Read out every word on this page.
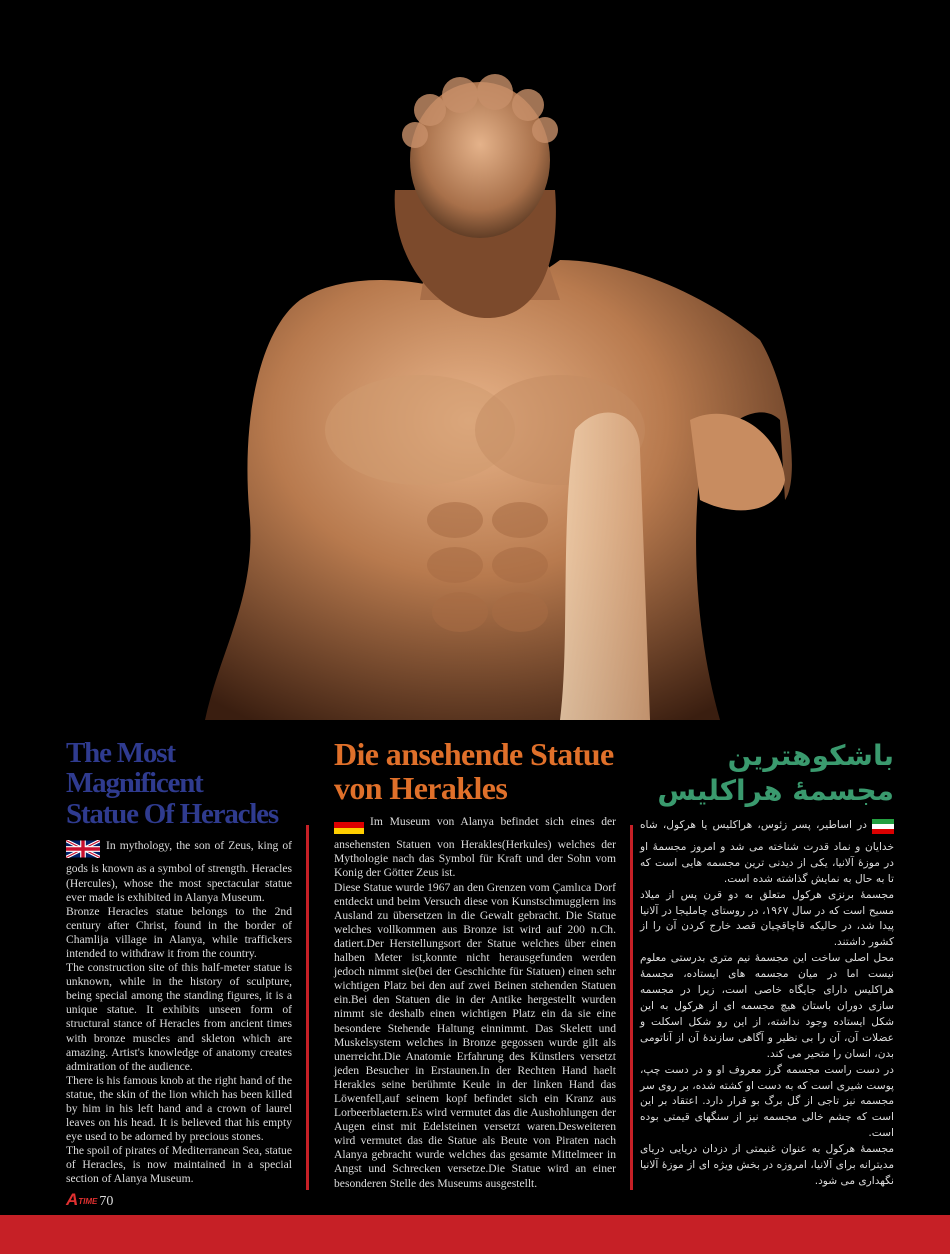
The Most Magnificent
Statue Of Heracles

In mythology, the son of Zeus, king of gods is known as a symbol of strength. Heracles (Hercules), whose the most spectacular statue ever made is exhibited in Alanya Museum.

Bronze Heracles statue belongs to the 2nd century after Christ, found in the border of Chamlija village in Alanya, while traffickers intended to withdraw it from the country.

The construction site of this half-meter statue is unknown, while in the history of sculpture, being special among the standing figures, it is a unique statue. It exhibits unseen form of structural stance of Heracles from ancient times with bronze muscles and skleton which are amazing. Artist's knowledge of anatomy creates admiration of the audience.

There is his famous knob at the right hand of the statue, the skin of the lion which has been killed by him in his left hand and a crown of laurel leaves on his head. It is believed that his empty eye used to be adorned by precious stones.

The spoil of pirates of Mediterranean Sea, statue of Heracles, is now maintained in a special section of Alanya Museum.

Die ansehende Statue
von Herakles

Im Museum von Alanya befindet sich eines der ansehensten Statuen von Herakles(Herkules) welches der Mythologie nach das Symbol für Kraft und der Sohn vom Konig der Götter Zeus ist.

Diese Statue wurde 1967 an den Grenzen vom Çamlıca Dorf entdeckt und beim Versuch diese von Kunstschmugglern ins Ausland zu übersetzen in die Gewalt gebracht. Die Statue welches vollkommen aus Bronze ist wird auf 200 n.Ch. datiert.Der Herstellungsort der Statue welches über einen halben Meter ist,konnte nicht herausgefunden werden jedoch nimmt sie(bei der Geschichte für Statuen) einen sehr wichtigen Platz bei den auf zwei Beinen stehenden Statuen ein.Bei den Statuen die in der Antike hergestellt wurden nimmt sie deshalb einen wichtigen Platz ein da sie eine besondere Stehende Haltung einnimmt. Das Skelett und Muskelsystem welches in Bronze gegossen wurde gilt als unerreicht.Die Anatomie Erfahrung des Künstlers versetzt jeden Besucher in Erstaunen.In der Rechten Hand haelt Herakles seine berühmte Keule in der linken Hand das Löwenfell,auf seinem kopf befindet sich ein Kranz aus Lorbeerblaetern.Es wird vermutet das die Aushohlungen der Augen einst mit Edelsteinen versetzt waren.Desweiteren wird vermutet das die Statue als Beute von Piraten nach Alanya gebracht wurde welches das gesamte Mittelmeer in Angst und Schrecken versetze.Die Statue wird an einer besonderen Stelle des Museums ausgestellt.

باشکوهترین
مجسمۀ هراکلیس

در اساطیر، پسر زئوس، هراکلیس یا هرکول، شاه خدایان و نماد قدرت شناخته می شد و امروز مجسمۀ او در موزۀ آلانیا، یکی از دیدنی ترین مجسمه هایی است که تا به حال به نمایش گذاشته شده است.

مجسمۀ برنزی هرکول متعلق به دو قرن پس از میلاد مسیح است که در سال ۱۹۶۷، در روستای چاملیجا در آلانیا پیدا شد، در حالیکه قاچاقچیان قصد خارج کردن آن را از کشور داشتند.

محل اصلی ساخت این مجسمۀ نیم متری بدرستی معلوم نیست اما در میان مجسمه های ایستاده، مجسمۀ هراکلیس دارای جایگاه خاصی است، زیرا در مجسمه سازی دوران باستان هیچ مجسمه ای از هرکول به این شکل ایستاده وجود نداشته، از این رو شکل اسکلت و عضلات آن، آن را بی نظیر و آگاهی سازندۀ آن از آناتومی بدن، انسان را متحیر می کند.

در دست راست مجسمه گرز معروف او و در دست چپ، پوست شیری است که به دست او کشته شده، بر روی سر مجسمه نیز تاجی از گل برگ بو قرار دارد. اعتقاد بر این است که چشم خالی مجسمه نیز از سنگهای قیمتی بوده است.

مجسمۀ هرکول به عنوان غنیمتی از دزدان دریایی دریای مدیترانه برای آلانیا، امروزه در بخش ویژه ای از موزۀ آلانیا نگهداری می شود.

ATIME 70
